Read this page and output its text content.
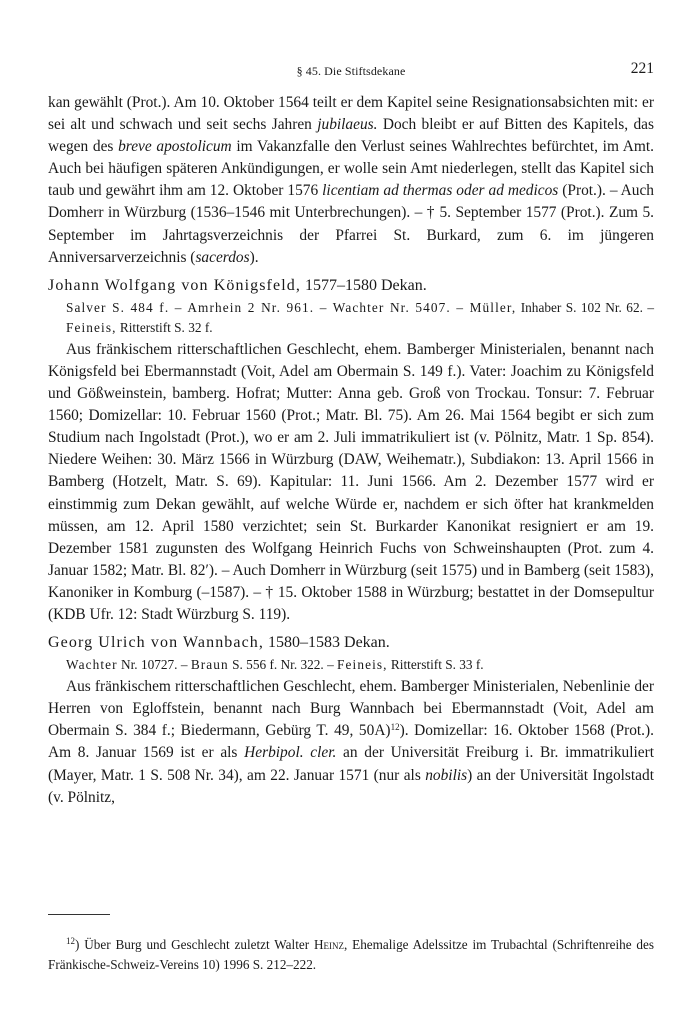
§ 45. Die Stiftsdekane	221

kan gewählt (Prot.). Am 10. Oktober 1564 teilt er dem Kapitel seine Resignationsabsichten mit: er sei alt und schwach und seit sechs Jahren jubilaeus. Doch bleibt er auf Bitten des Kapitels, das wegen des breve apostolicum im Vakanzfalle den Verlust seines Wahlrechtes befürchtet, im Amt. Auch bei häufigen späteren Ankündigungen, er wolle sein Amt niederlegen, stellt das Kapitel sich taub und gewährt ihm am 12. Oktober 1576 licentiam ad thermas oder ad medicos (Prot.). – Auch Domherr in Würzburg (1536–1546 mit Unterbrechungen). – † 5. September 1577 (Prot.). Zum 5. September im Jahrtagsverzeichnis der Pfarrei St. Burkard, zum 6. im jüngeren Anniversarverzeichnis (sacerdos).

Johann Wolfgang von Königsfeld, 1577–1580 Dekan.

Salver S. 484 f. – Amrhein 2 Nr. 961. – Wachter Nr. 5407. – Müller, Inhaber S. 102 Nr. 62. – Feineis, Ritterstift S. 32 f.

Aus fränkischem ritterschaftlichen Geschlecht, ehem. Bamberger Ministerialen, benannt nach Königsfeld bei Ebermannstadt (Voit, Adel am Obermain S. 149 f.). Vater: Joachim zu Königsfeld und Gößweinstein, bamberg. Hofrat; Mutter: Anna geb. Groß von Trockau. Tonsur: 7. Februar 1560; Domizellar: 10. Februar 1560 (Prot.; Matr. Bl. 75). Am 26. Mai 1564 begibt er sich zum Studium nach Ingolstadt (Prot.), wo er am 2. Juli immatrikuliert ist (v. Pölnitz, Matr. 1 Sp. 854). Niedere Weihen: 30. März 1566 in Würzburg (DAW, Weihematr.), Subdiakon: 13. April 1566 in Bamberg (Hotzelt, Matr. S. 69). Kapitular: 11. Juni 1566. Am 2. Dezember 1577 wird er einstimmig zum Dekan gewählt, auf welche Würde er, nachdem er sich öfter hat krankmelden müssen, am 12. April 1580 verzichtet; sein St. Burkarder Kanonikat resigniert er am 19. Dezember 1581 zugunsten des Wolfgang Heinrich Fuchs von Schweinshaupten (Prot. zum 4. Januar 1582; Matr. Bl. 82′). – Auch Domherr in Würzburg (seit 1575) und in Bamberg (seit 1583), Kanoniker in Komburg (–1587). – † 15. Oktober 1588 in Würzburg; bestattet in der Domsepultur (KDB Ufr. 12: Stadt Würzburg S. 119).

Georg Ulrich von Wannbach, 1580–1583 Dekan.

Wachter Nr. 10727. – Braun S. 556 f. Nr. 322. – Feineis, Ritterstift S. 33 f.

Aus fränkischem ritterschaftlichen Geschlecht, ehem. Bamberger Ministerialen, Nebenlinie der Herren von Egloffstein, benannt nach Burg Wannbach bei Ebermannstadt (Voit, Adel am Obermain S. 384 f.; Biedermann, Gebürg T. 49, 50A)$^{12}$). Domizellar: 16. Oktober 1568 (Prot.). Am 8. Januar 1569 ist er als Herbipol. cler. an der Universität Freiburg i. Br. immatrikuliert (Mayer, Matr. 1 S. 508 Nr. 34), am 22. Januar 1571 (nur als nobilis) an der Universität Ingolstadt (v. Pölnitz,

$^{12}$) Über Burg und Geschlecht zuletzt Walter Heinz, Ehemalige Adelssitze im Trubachtal (Schriftenreihe des Fränkische-Schweiz-Vereins 10) 1996 S. 212–222.
